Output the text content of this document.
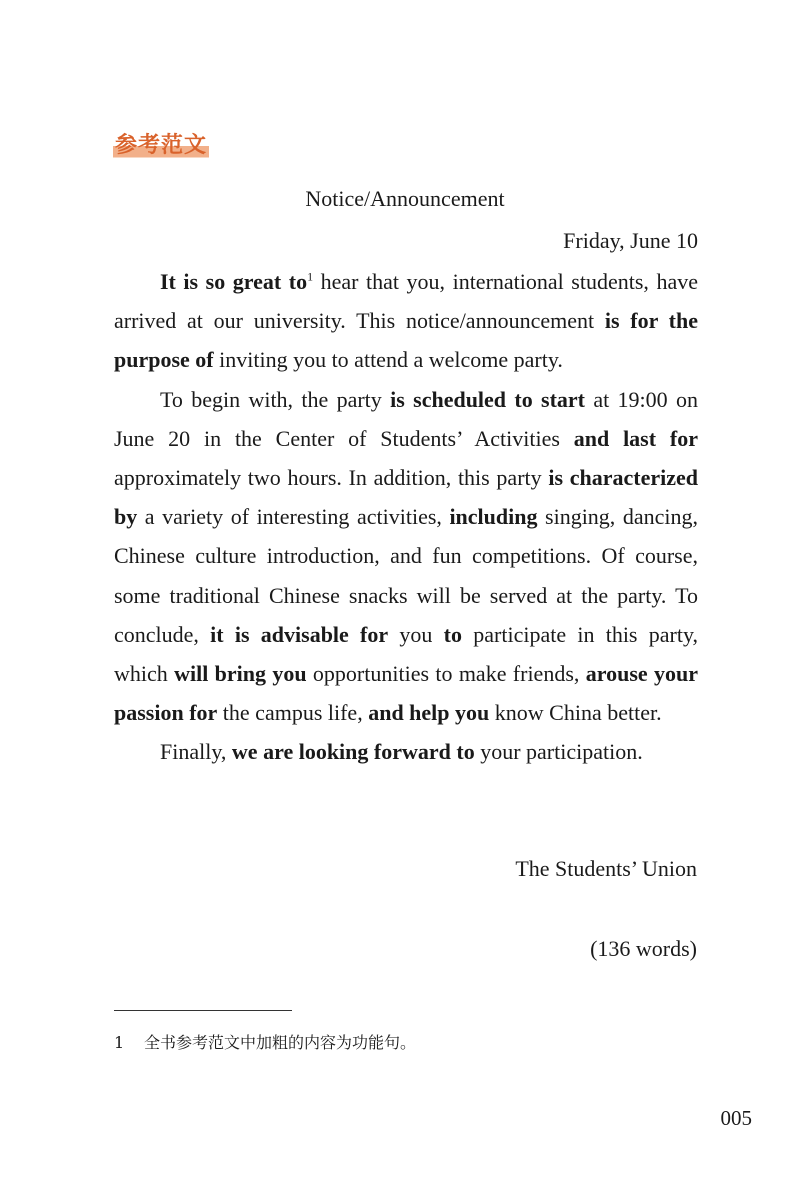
参考范文
Notice/Announcement
Friday, June 10

It is so great $to^1$ hear that you, international students, have arrived at our university. This notice/announcement is for the purpose of inviting you to attend a welcome party.

To begin with, the party is scheduled to start at 19:00 on June 20 in the Center of Students’ Activities and last for approximately two hours. In addition, this party is characterized by a variety of interesting activities, including singing, dancing, Chinese culture introduction, and fun competitions. Of course, some traditional Chinese snacks will be served at the party. To conclude, it is advisable for you to participate in this party, which will bring you opportunities to make friends, arouse your passion for the campus life, and help you know China better.

Finally, we are looking forward to your participation.

The Students’ Union
(136 words)
1 全书参考范文中加粗的内容为功能句。
005
